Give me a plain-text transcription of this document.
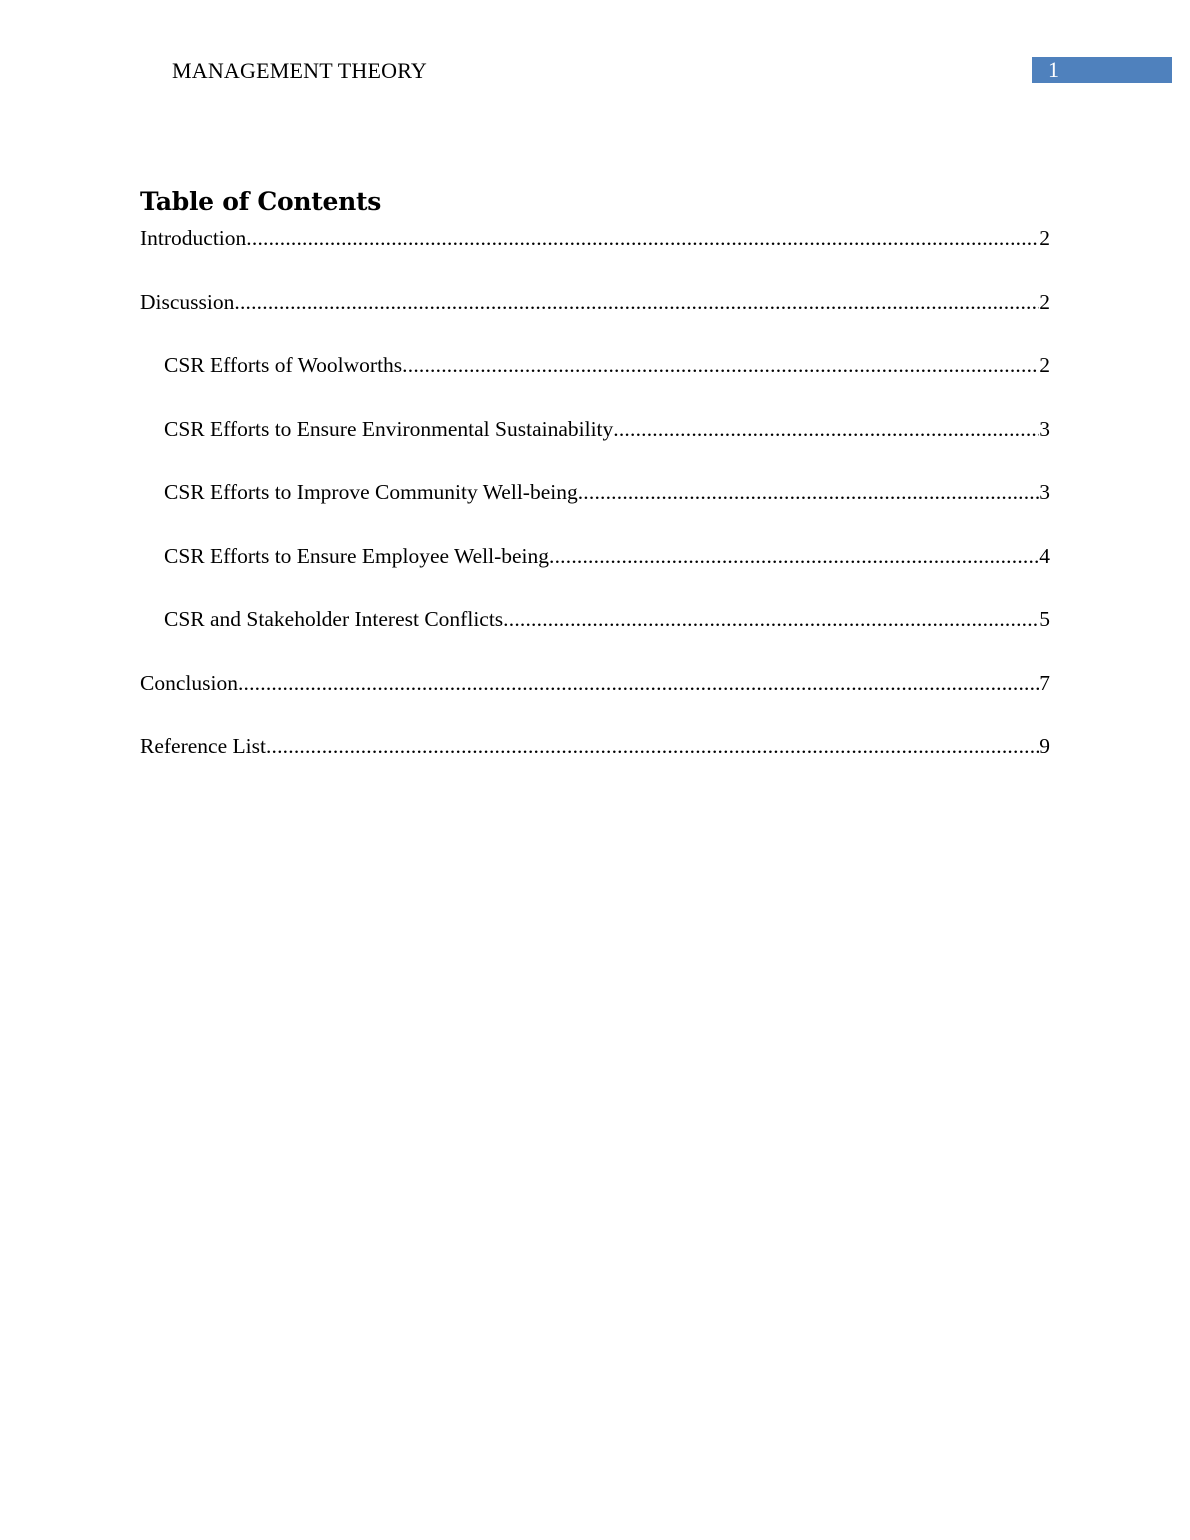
MANAGEMENT THEORY	1
Table of Contents
Introduction .....	2
Discussion .....	2
CSR Efforts of Woolworths .....	2
CSR Efforts to Ensure Environmental Sustainability .....	3
CSR Efforts to Improve Community Well-being .....	3
CSR Efforts to Ensure Employee Well-being .....	4
CSR and Stakeholder Interest Conflicts .....	5
Conclusion .....	7
Reference List .....	9
